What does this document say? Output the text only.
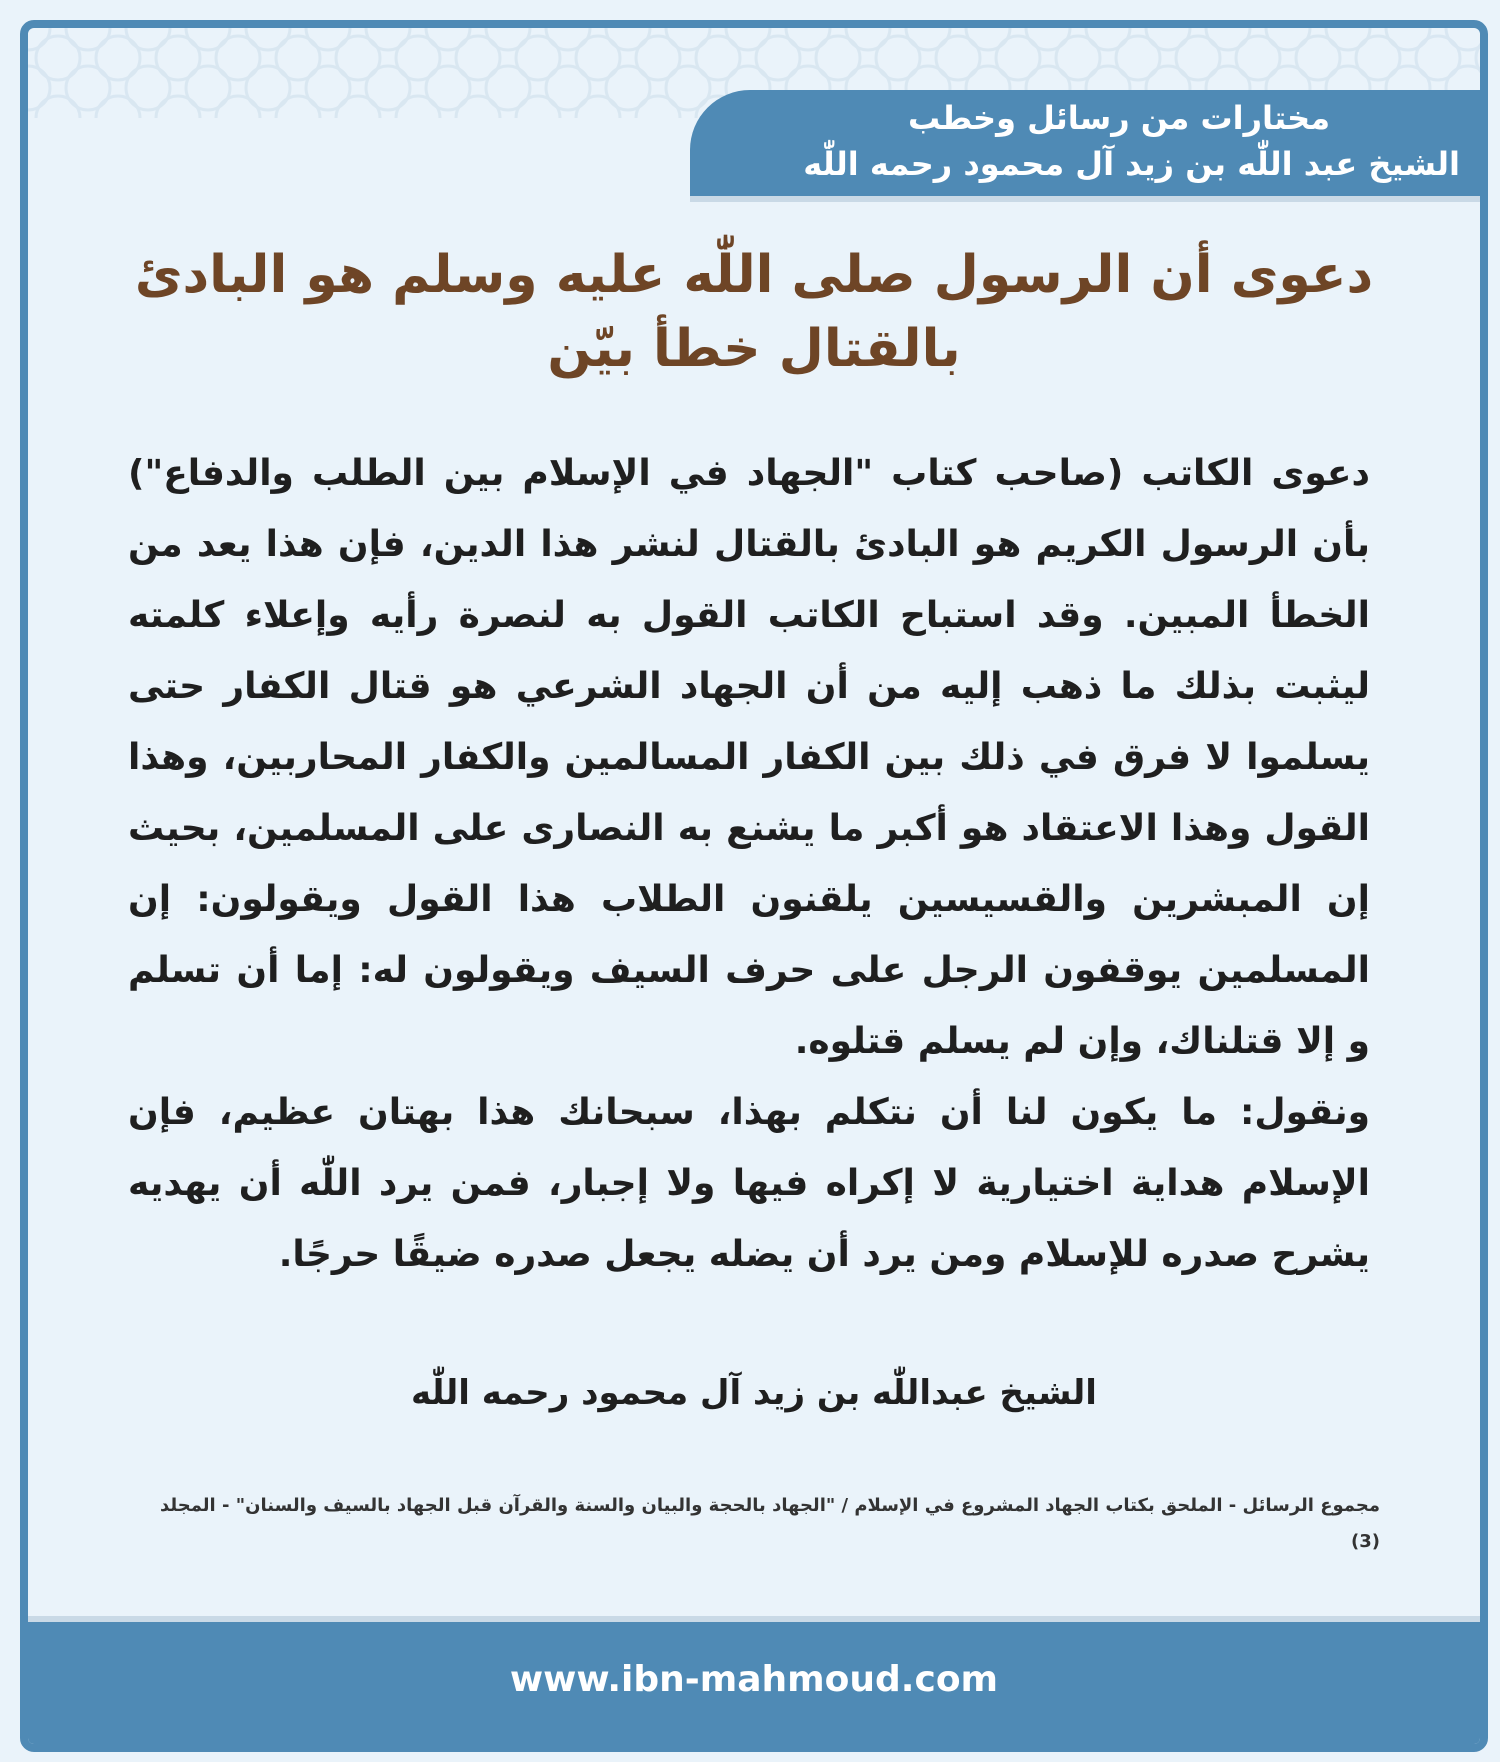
مختارات من رسائل وخطب
الشيخ عبد اللّٰه بن زيد آل محمود رحمه اللّٰه
دعوى أن الرسول صلى اللّٰه عليه وسلم هو البادئ بالقتال خطأ بيّن

دعوى الكاتب (صاحب كتاب "الجهاد في الإسلام بين الطلب والدفاع") بأن الرسول الكريم هو البادئ بالقتال لنشر هذا الدين، فإن هذا يعد من الخطأ المبين. وقد استباح الكاتب القول به لنصرة رأيه وإعلاء كلمته ليثبت بذلك ما ذهب إليه من أن الجهاد الشرعي هو قتال الكفار حتى يسلموا لا فرق في ذلك بين الكفار المسالمين والكفار المحاربين، وهذا القول وهذا الاعتقاد هو أكبر ما يشنع به النصارى على المسلمين، بحيث إن المبشرين والقسيسين يلقنون الطلاب هذا القول ويقولون: إن المسلمين يوقفون الرجل على حرف السيف ويقولون له: إما أن تسلم و إلا قتلناك، وإن لم يسلم قتلوه.

ونقول: ما يكون لنا أن نتكلم بهذا، سبحانك هذا بهتان عظيم، فإن الإسلام هداية اختيارية لا إكراه فيها ولا إجبار، فمن يرد اللّٰه أن يهديه يشرح صدره للإسلام ومن يرد أن يضله يجعل صدره ضيقًا حرجًا.

الشيخ عبداللّٰه بن زيد آل محمود رحمه اللّٰه
مجموع الرسائل - الملحق بكتاب الجهاد المشروع في الإسلام / "الجهاد بالحجة والبيان والسنة والقرآن قبل الجهاد بالسيف والسنان" - المجلد (3)
www.ibn-mahmoud.com
